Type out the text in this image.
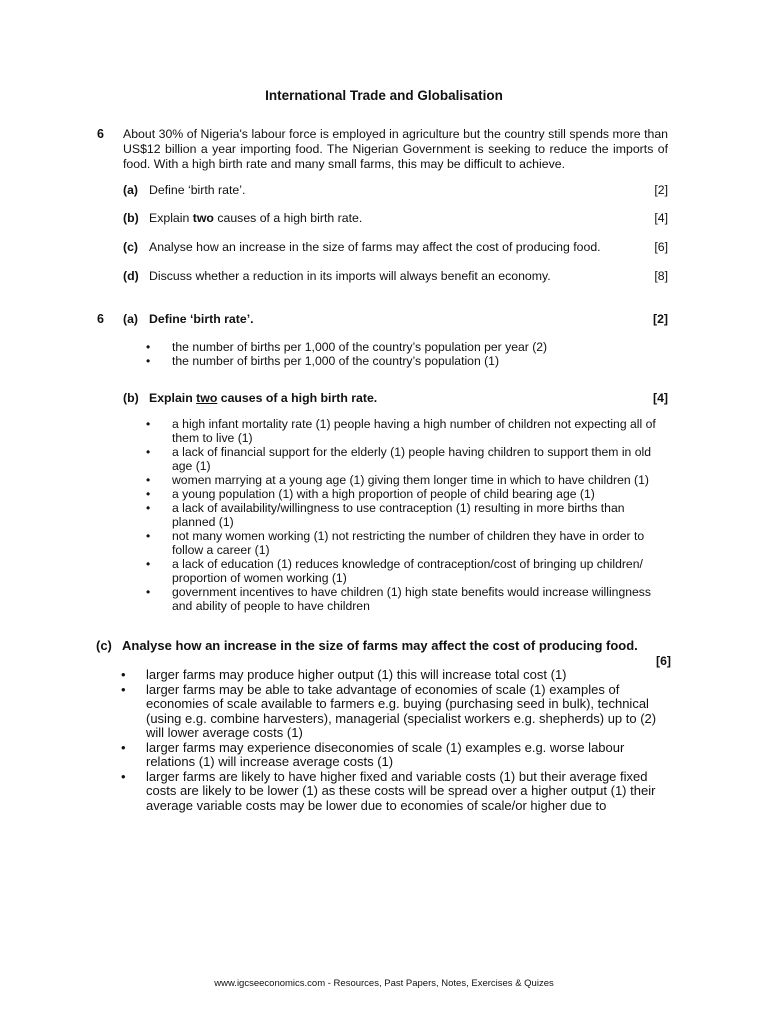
International Trade and Globalisation
6 About 30% of Nigeria's labour force is employed in agriculture but the country still spends more than US$12 billion a year importing food. The Nigerian Government is seeking to reduce the imports of food. With a high birth rate and many small farms, this may be difficult to achieve.
(a) Define ‘birth rate’.	[2]
(b) Explain two causes of a high birth rate.	[4]
(c) Analyse how an increase in the size of farms may affect the cost of producing food.	[6]
(d) Discuss whether a reduction in its imports will always benefit an economy.	[8]
6 (a) Define ‘birth rate’.	[2]
• the number of births per 1,000 of the country’s population per year (2)
• the number of births per 1,000 of the country’s population (1)
(b) Explain two causes of a high birth rate.	[4]
• a high infant mortality rate (1) people having a high number of children not expecting all of them to live (1)
• a lack of financial support for the elderly (1) people having children to support them in old age (1)
• women marrying at a young age (1) giving them longer time in which to have children (1)
• a young population (1) with a high proportion of people of child bearing age (1)
• a lack of availability/willingness to use contraception (1) resulting in more births than planned (1)
• not many women working (1) not restricting the number of children they have in order to follow a career (1)
• a lack of education (1) reduces knowledge of contraception/cost of bringing up children/ proportion of women working (1)
• government incentives to have children (1) high state benefits would increase willingness and ability of people to have children
(c) Analyse how an increase in the size of farms may affect the cost of producing food.
[6]
• larger farms may produce higher output (1) this will increase total cost (1)
• larger farms may be able to take advantage of economies of scale (1) examples of economies of scale available to farmers e.g. buying (purchasing seed in bulk), technical (using e.g. combine harvesters), managerial (specialist workers e.g. shepherds) up to (2) will lower average costs (1)
• larger farms may experience diseconomies of scale (1) examples e.g. worse labour relations (1) will increase average costs (1)
• larger farms are likely to have higher fixed and variable costs (1) but their average fixed costs are likely to be lower (1) as these costs will be spread over a higher output (1) their average variable costs may be lower due to economies of scale/or higher due to
www.igcseeconomics.com - Resources, Past Papers, Notes, Exercises & Quizes
